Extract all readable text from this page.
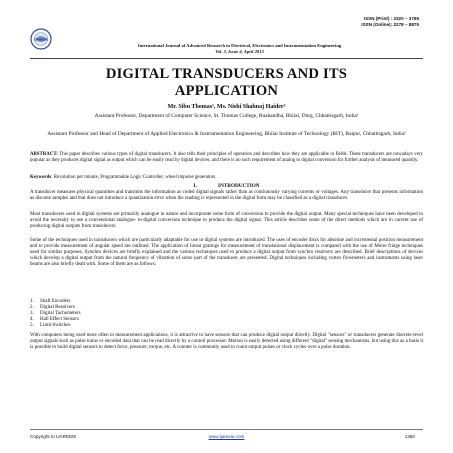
ISSN (Print) : 2320 – 3765
ISSN (Online): 2278 – 8875
IJAREEIE
International Journal of Advanced Research in Electrical, Electronics and Instrumentation Engineering
Vol. 2, Issue 4, April 2013
DIGITAL TRANSDUCERS AND ITS
APPLICATION
Mr. Sibu Thomas¹, Ms. Nishi Shahnaj Haider²
Assistant Professor, Department of Computer Science, St. Thomas College, Ruabandha, Bhilai, Durg, Chhattisgarh, India¹
Assistant Professor and Head of Department of Applied Electronics & Instrumentation Engineering, Bhilai Institute of Technology (BIT), Raipur, Chhattisgarh, India²
ABSTRACT: This paper describes various types of digital transducers. It also tells their principles of operation and describes how they are applicable in fields. These transducers are nowadays very popular as they produces digital signal as output which can be easily read by digital devices, and there is no such requirement of analog to digital conversion for further analysis of measured quantity.
Keywords: Revolution per minute, Programmable Logic Controller, wheel impulse generators.
I.	INTRODUCTION
A transducer measures physical quantities and transmits the information as coded digital signals rather than as continuously varying currents or voltages. Any transducer that presents information as discrete samples and that does not introduce a quantization error when the reading is represented in the digital form may be classified as a digital transducer.
Most transducers used in digital systems are primarily analogue in nature and incorporate some form of conversion to provide the digital output. Many special techniques have been developed to avoid the necessity to use a conventional analogue- to-digital conversion technique to produce the digital signal. This article describes some of the direct methods which are in current use of producing digital outputs from transducers.
Some of the techniques used in transducers which are particularly adaptable for use in digital systems are introduced. The uses of encoder discs for absolute and incremental position measurement and to provide measurement of angular speed are outlined. The application of linear gratings for measurement of translational displacement is compared with the use of Moire fringe techniques used for similar purposes. Synchro devices are briefly explained and the various techniques used to produce a digital output from synchro resolvers are described. Brief descriptions of devices which develop a digital output from the natural frequency of vibration of some part of the transducer are presented. Digital techniques including vortex flowmeters and instruments using laser beams are also briefly dealt with. Some of them are as follows:
1. Shaft Encoders
2. Digital Resolvers
3. Digital Tachometers
4. Hall Effect Sensors
5. Limit Switches
With computers being used more often in measurement applications, it is attractive to have sensors that can produce digital output directly. Digital "sensors" or transducers generate discrete-level output signals such as pulse trains or encoded data that can be read directly by a control processor. Motion is easily detected using different "digital" sensing mechanisms, but using this as a basis it is possible to build digital sensors to detect force, pressure, torque, etc. A counter is commonly used to count output pulses or clock cycles over a pulse duration.
Copyright to IJAREEIE	www.ijareeie.com	1350
